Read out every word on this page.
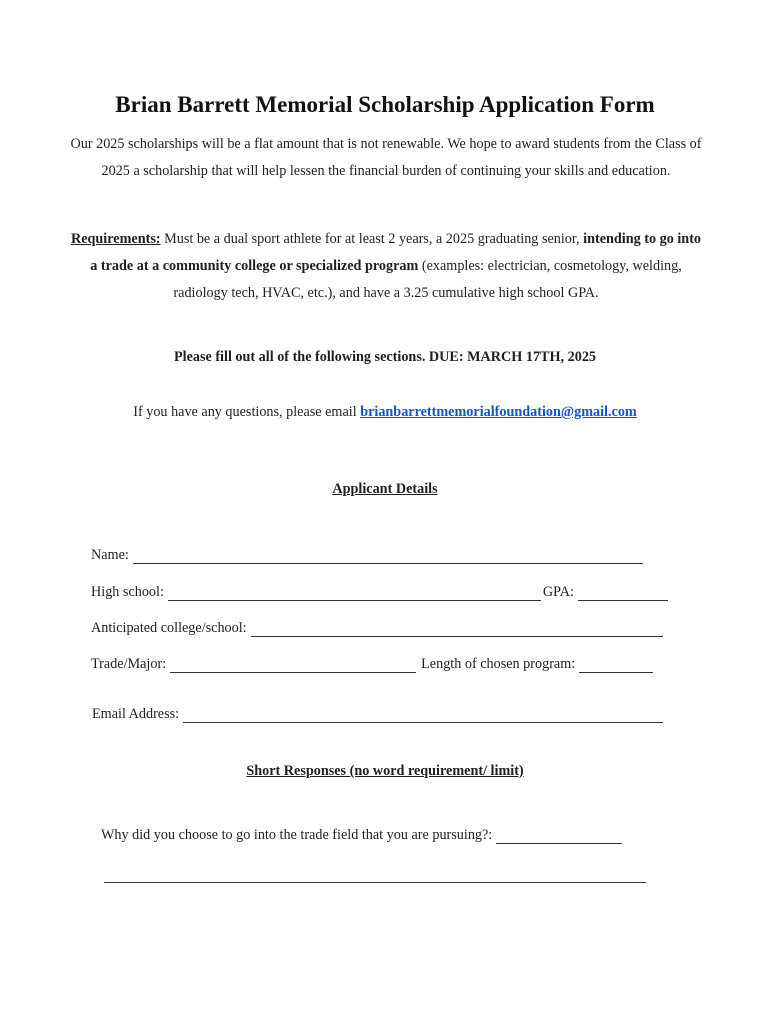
Brian Barrett Memorial Scholarship Application Form
Our 2025 scholarships will be a flat amount that is not renewable. We hope to award students from the Class of 2025 a scholarship that will help lessen the financial burden of continuing your skills and education.
Requirements: Must be a dual sport athlete for at least 2 years, a 2025 graduating senior, intending to go into a trade at a community college or specialized program (examples: electrician, cosmetology, welding, radiology tech, HVAC, etc.), and have a 3.25 cumulative high school GPA.
Please fill out all of the following sections. DUE: MARCH 17TH, 2025
If you have any questions, please email brianbarrettmemorialfoundation@gmail.com
Applicant Details
Name:
High school:	GPA:
Anticipated college/school:
Trade/Major:	Length of chosen program:
Email Address:
Short Responses (no word requirement/ limit)
Why did you choose to go into the trade field that you are pursuing?:
